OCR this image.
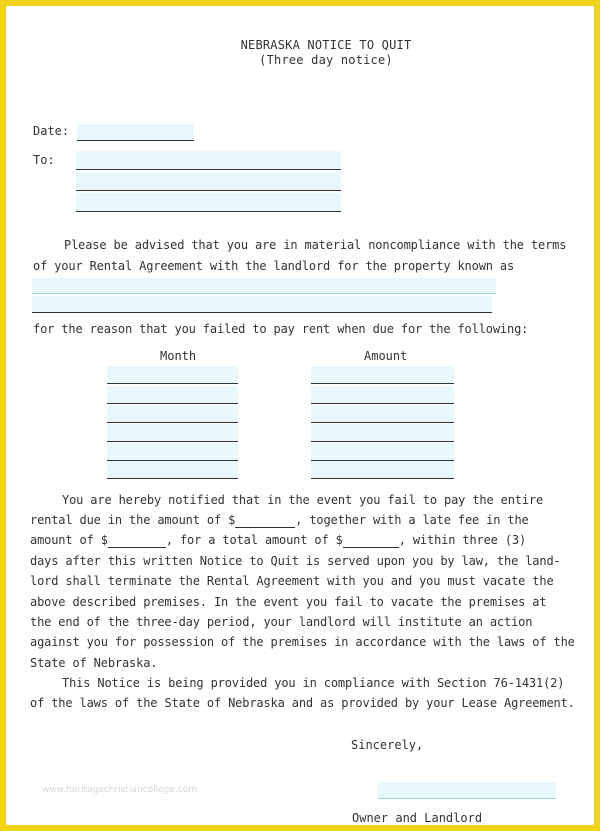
NEBRASKA NOTICE TO QUIT
(Three day notice)
Date:
To:
Please be advised that you are in material noncompliance with the terms
of your Rental Agreement with the landlord for the property known as
for the reason that you failed to pay rent when due for the following:
Month	Amount
You are hereby notified that in the event you fail to pay the entire
rental due in the amount of $	, together with a late fee in the
amount of $	, for a total amount of $	, within three (3)
days after this written Notice to Quit is served upon you by law, the land-
lord shall terminate the Rental Agreement with you and you must vacate the
above described premises. In the event you fail to vacate the premises at
the end of the three-day period, your landlord will institute an action
against you for possession of the premises in accordance with the laws of the
State of Nebraska.
This Notice is being provided you in compliance with Section 76-1431(2)
of the laws of the State of Nebraska and as provided by your Lease Agreement.
Sincerely,
Owner and Landlord
www.heritagechristiancollege.com
